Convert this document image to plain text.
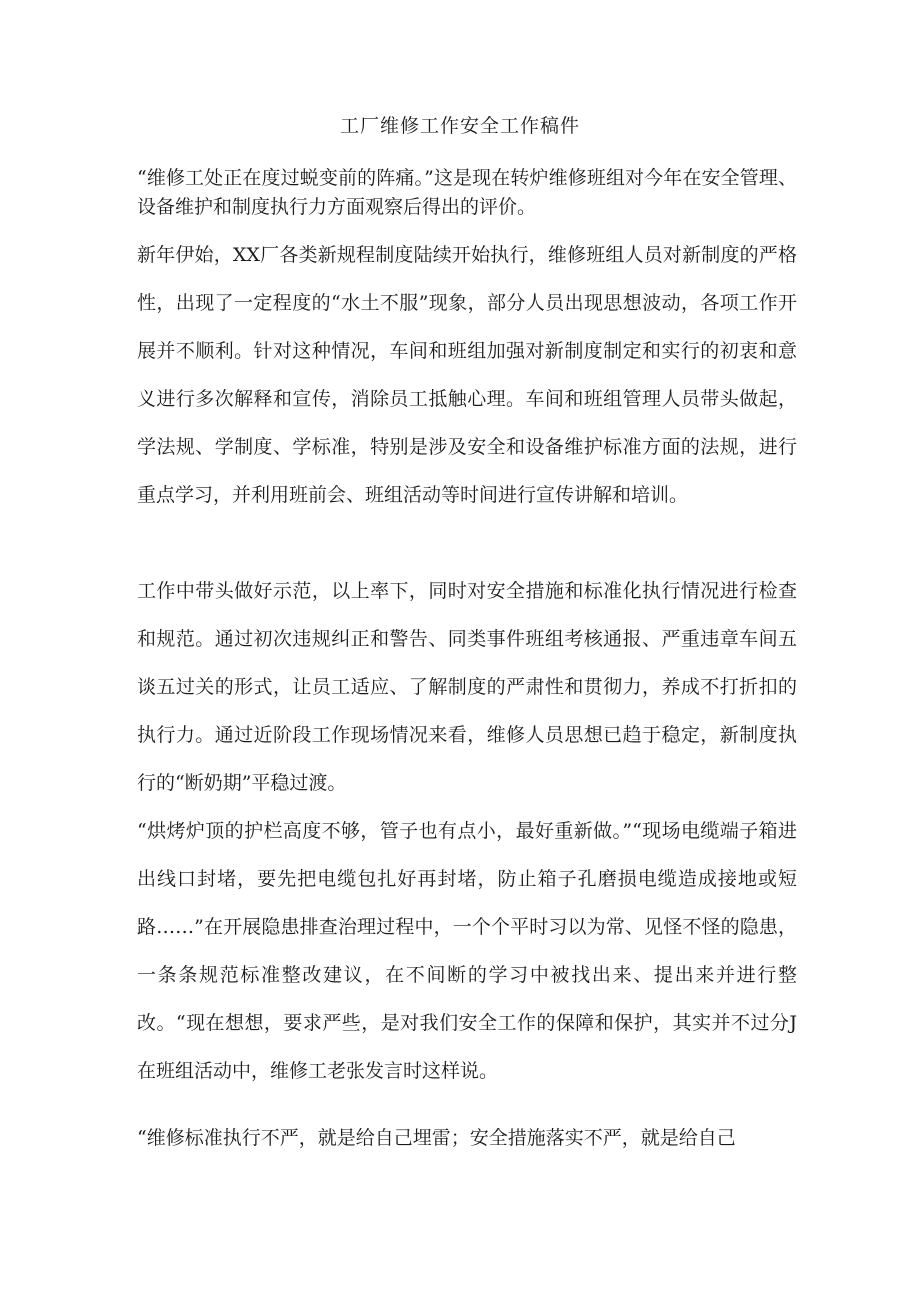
工厂维修工作安全工作稿件
“维修工处正在度过蜕变前的阵痛。”这是现在转炉维修班组对今年在安全管理、设备维护和制度执行力方面观察后得出的评价。
新年伊始，XX厂各类新规程制度陆续开始执行，维修班组人员对新制度的严格性，出现了一定程度的“水土不服”现象，部分人员出现思想波动，各项工作开展并不顺利。针对这种情况，车间和班组加强对新制度制定和实行的初衷和意义进行多次解释和宣传，消除员工抵触心理。车间和班组管理人员带头做起，学法规、学制度、学标准，特别是涉及安全和设备维护标准方面的法规，进行重点学习，并利用班前会、班组活动等时间进行宣传讲解和培训。
工作中带头做好示范，以上率下，同时对安全措施和标准化执行情况进行检查和规范。通过初次违规纠正和警告、同类事件班组考核通报、严重违章车间五谈五过关的形式，让员工适应、了解制度的严肃性和贯彻力，养成不打折扣的执行力。通过近阶段工作现场情况来看，维修人员思想已趋于稳定，新制度执行的“断奶期”平稳过渡。
“烘烤炉顶的护栏高度不够，管子也有点小，最好重新做。”“现场电缆端子箱进出线口封堵，要先把电缆包扎好再封堵，防止箱子孔磨损电缆造成接地或短路……”在开展隐患排查治理过程中，一个个平时习以为常、见怪不怪的隐患，一条条规范标准整改建议，在不间断的学习中被找出来、提出来并进行整改。“现在想想，要求严些，是对我们安全工作的保障和保护，其实并不过分J在班组活动中，维修工老张发言时这样说。
“维修标准执行不严，就是给自己埋雷；安全措施落实不严，就是给自己
